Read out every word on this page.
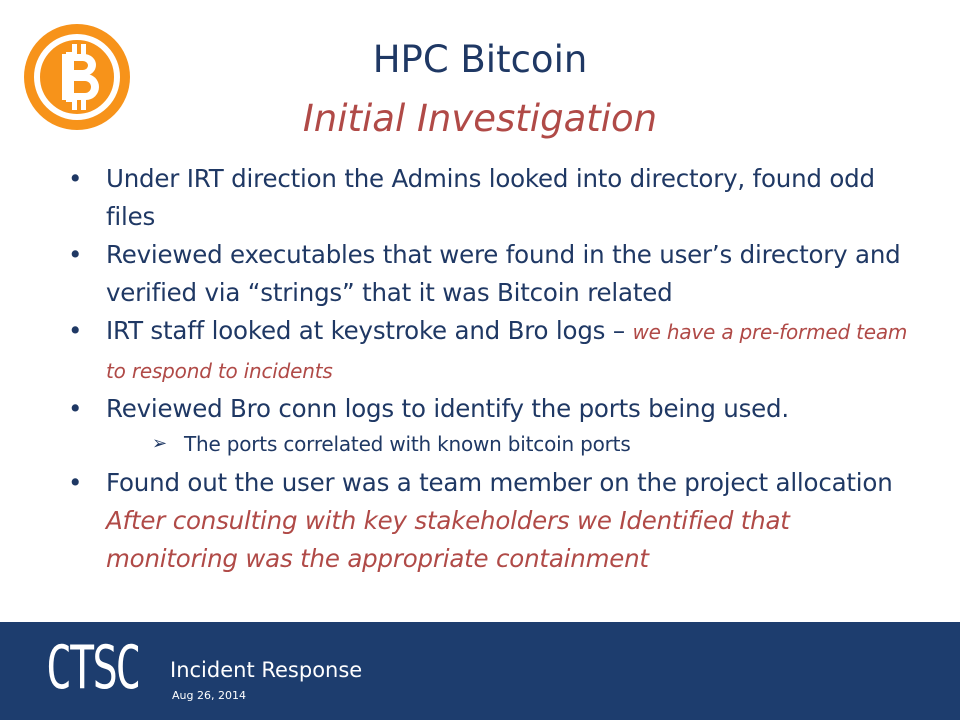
HPC Bitcoin
Initial Investigation
• Under IRT direction the Admins looked into directory, found odd files
• Reviewed executables that were found in the user’s directory and verified via “strings” that it was Bitcoin related
• IRT staff looked at keystroke and Bro logs – we have a pre-formed team to respond to incidents
• Reviewed Bro conn logs to identify the ports being used.
➢ The ports correlated with known bitcoin ports
• Found out the user was a team member on the project allocation
After consulting with key stakeholders we Identified that monitoring was the appropriate containment
CTSC Incident Response
Aug 26, 2014
